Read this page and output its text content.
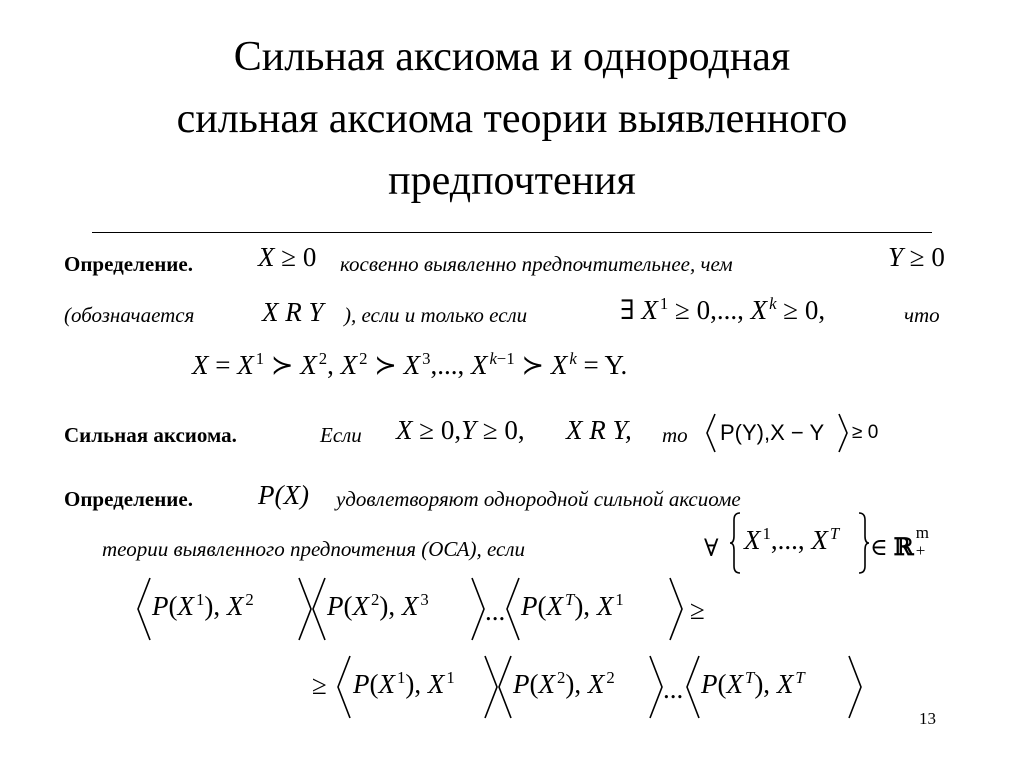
Сильная аксиома и однородная
сильная аксиома теории выявленного
предпочтения
Определение. X ≥ 0 косвенно выявленно предпочтительнее, чем	Y ≥ 0
(обозначается	X R Y ), если и только если	∃ X $^1$ ≥ 0,..., X $^k$ ≥ 0,	что
X = X $^1$ ≻ X $^2$, X $^2$ ≻ X $^3$,..., X $^{k-1}$ ≻ X $^k$ = Y.
Сильная аксиома.	Если X ≥ 0,Y ≥ 0, X R Y, то P(Y),X − Y ≥ 0
Определение. P(X) удовлетворяют однородной сильной аксиоме
теории выявленного предпочтения (ОСА), если	∀ X $^1$,..., X $^T$
∈ ℝ m
+
P(X $^1$), X $^2$	P(X $^2$), X $^3$ ... P(X $^T$), X $^1$ ≥
≥ P(X $^1$), X $^1$ P(X $^2$), X $^2$ ... P(X $^T$), X $^T$
13
